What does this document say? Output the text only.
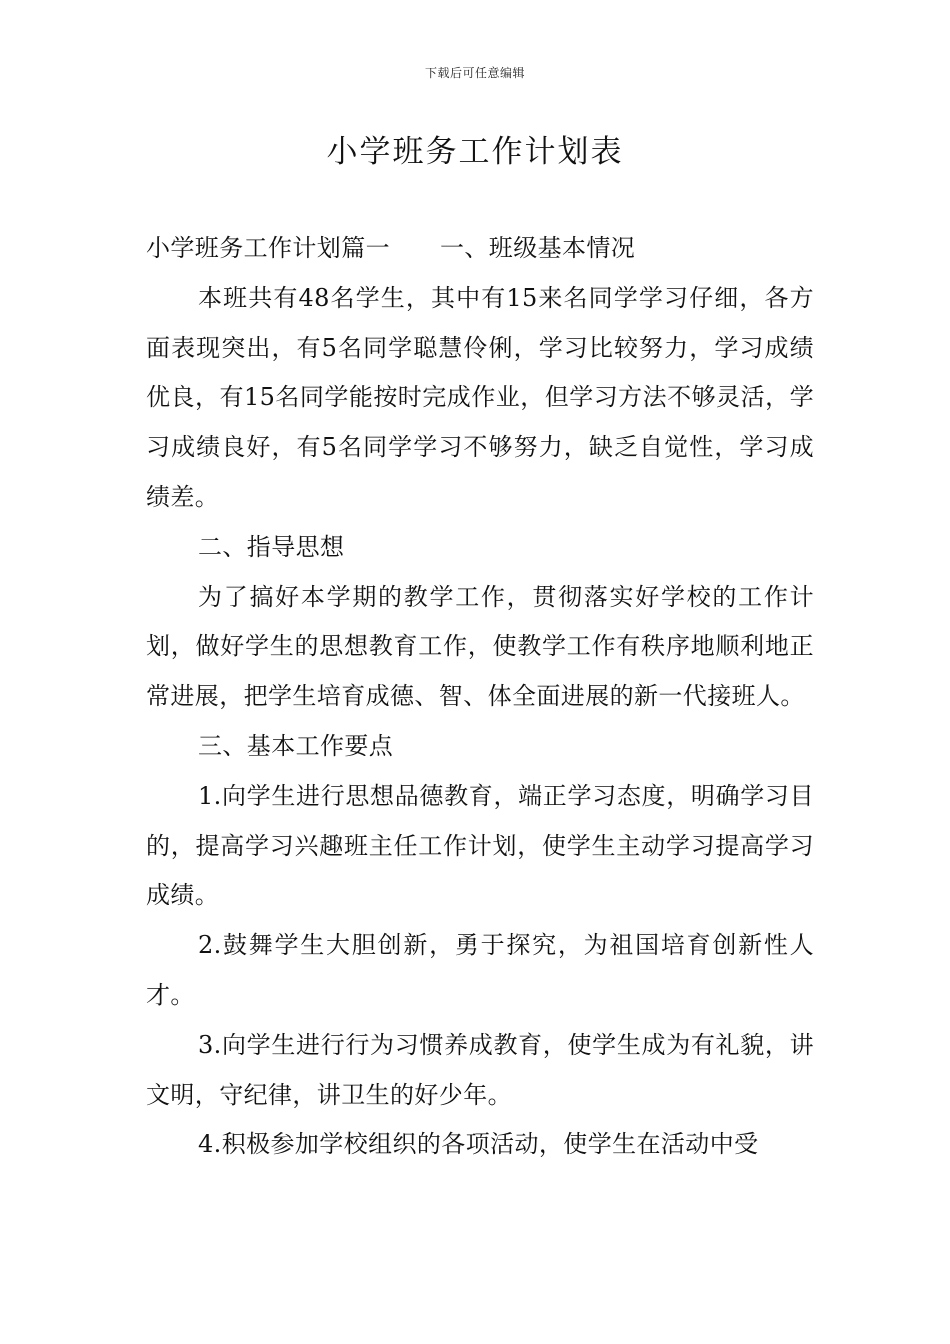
下载后可任意编辑
小学班务工作计划表

小学班务工作计划篇一 一、班级基本情况

本班共有48名学生，其中有15来名同学学习仔细，各方面表现突出，有5名同学聪慧伶俐，学习比较努力，学习成绩优良，有15名同学能按时完成作业，但学习方法不够灵活，学习成绩良好，有5名同学学习不够努力，缺乏自觉性，学习成绩差。

二、指导思想

为了搞好本学期的教学工作，贯彻落实好学校的工作计划，做好学生的思想教育工作，使教学工作有秩序地顺利地正常进展，把学生培育成德、智、体全面进展的新一代接班人。

三、基本工作要点

1.向学生进行思想品德教育，端正学习态度，明确学习目的，提高学习兴趣班主任工作计划，使学生主动学习提高学习成绩。

2.鼓舞学生大胆创新，勇于探究，为祖国培育创新性人才。

3.向学生进行行为习惯养成教育，使学生成为有礼貌，讲文明，守纪律，讲卫生的好少年。

4.积极参加学校组织的各项活动，使学生在活动中受
